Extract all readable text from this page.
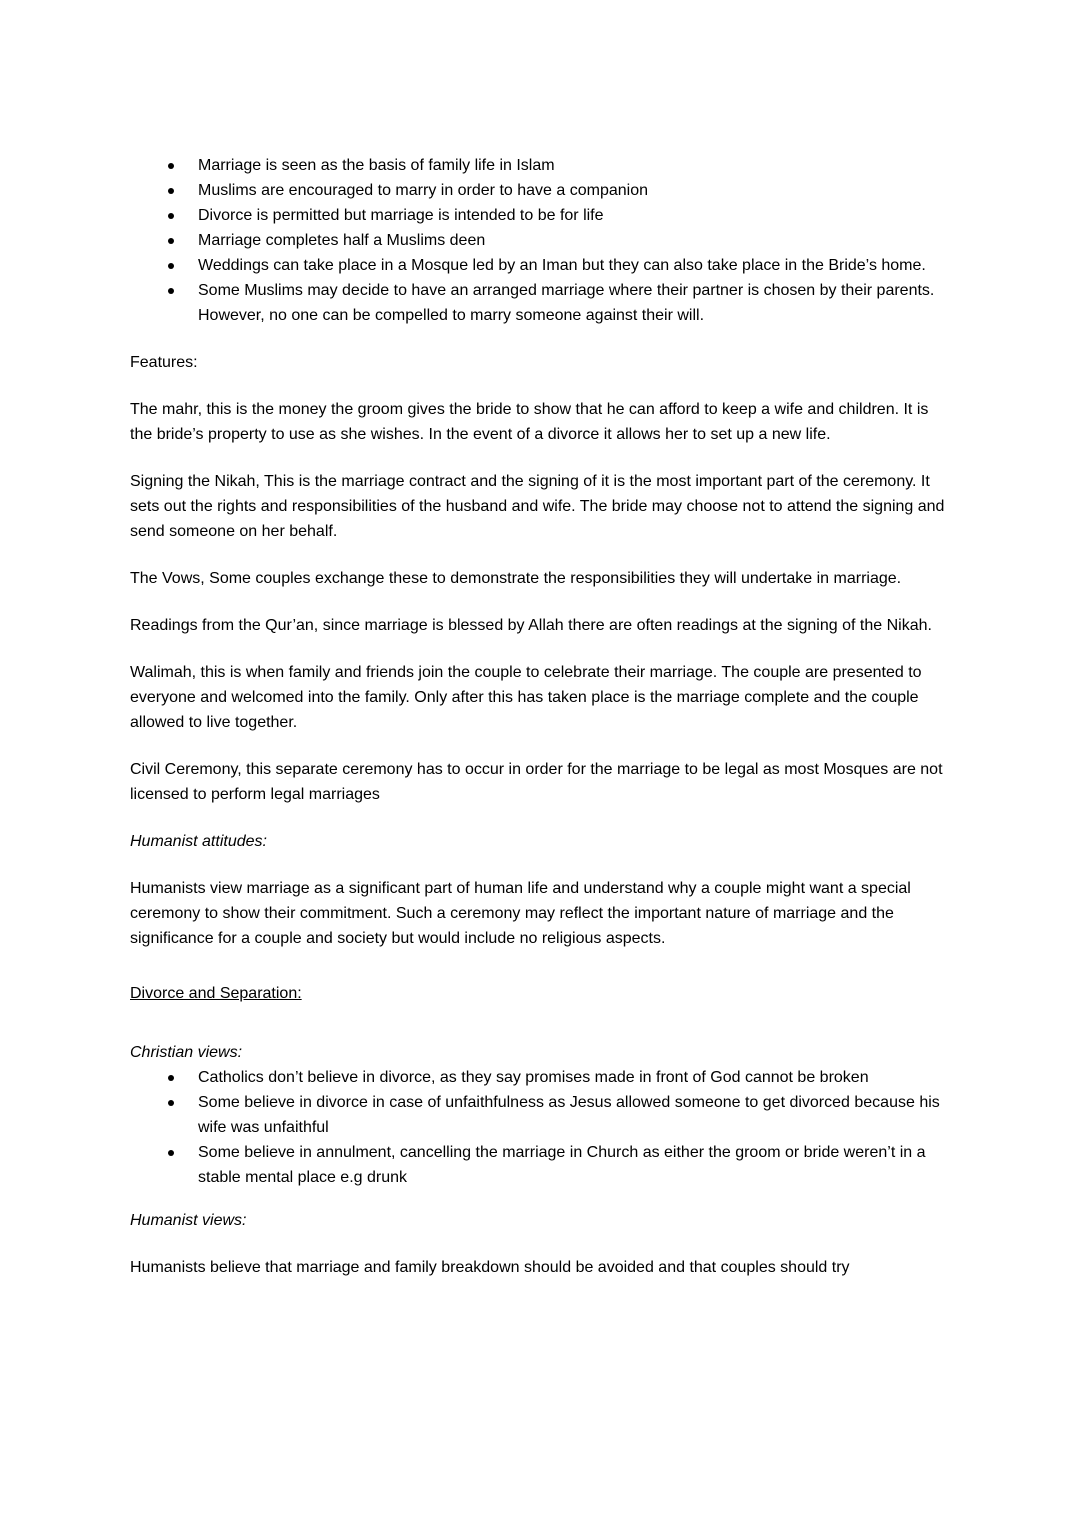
Marriage is seen as the basis of family life in Islam
Muslims are encouraged to marry in order to have a companion
Divorce is permitted but marriage is intended to be for life
Marriage completes half a Muslims deen
Weddings can take place in a Mosque led by an Iman but they can also take place in the Bride’s home.
Some Muslims may decide to have an arranged marriage where their partner is chosen by their parents. However, no one can be compelled to marry someone against their will.

Features:

The mahr, this is the money the groom gives the bride to show that he can afford to keep a wife and children. It is the bride’s property to use as she wishes. In the event of a divorce it allows her to set up a new life.

Signing the Nikah, This is the marriage contract and the signing of it is the most important part of the ceremony. It sets out the rights and responsibilities of the husband and wife. The bride may choose not to attend the signing and send someone on her behalf.

The Vows, Some couples exchange these to demonstrate the responsibilities they will undertake in marriage.

Readings from the Qur’an, since marriage is blessed by Allah there are often readings at the signing of the Nikah.

Walimah, this is when family and friends join the couple to celebrate their marriage. The couple are presented to everyone and welcomed into the family. Only after this has taken place is the marriage complete and the couple allowed to live together.

Civil Ceremony, this separate ceremony has to occur in order for the marriage to be legal as most Mosques are not licensed to perform legal marriages

Humanist attitudes:

Humanists view marriage as a significant part of human life and understand why a couple might want a special ceremony to show their commitment. Such a ceremony may reflect the important nature of marriage and the significance for a couple and society but would include no religious aspects.

Divorce and Separation:

Christian views:

Catholics don’t believe in divorce, as they say promises made in front of God cannot be broken
Some believe in divorce in case of unfaithfulness as Jesus allowed someone to get divorced because his wife was unfaithful
Some believe in annulment, cancelling the marriage in Church as either the groom or bride weren’t in a stable mental place e.g drunk

Humanist views:

Humanists believe that marriage and family breakdown should be avoided and that couples should try
